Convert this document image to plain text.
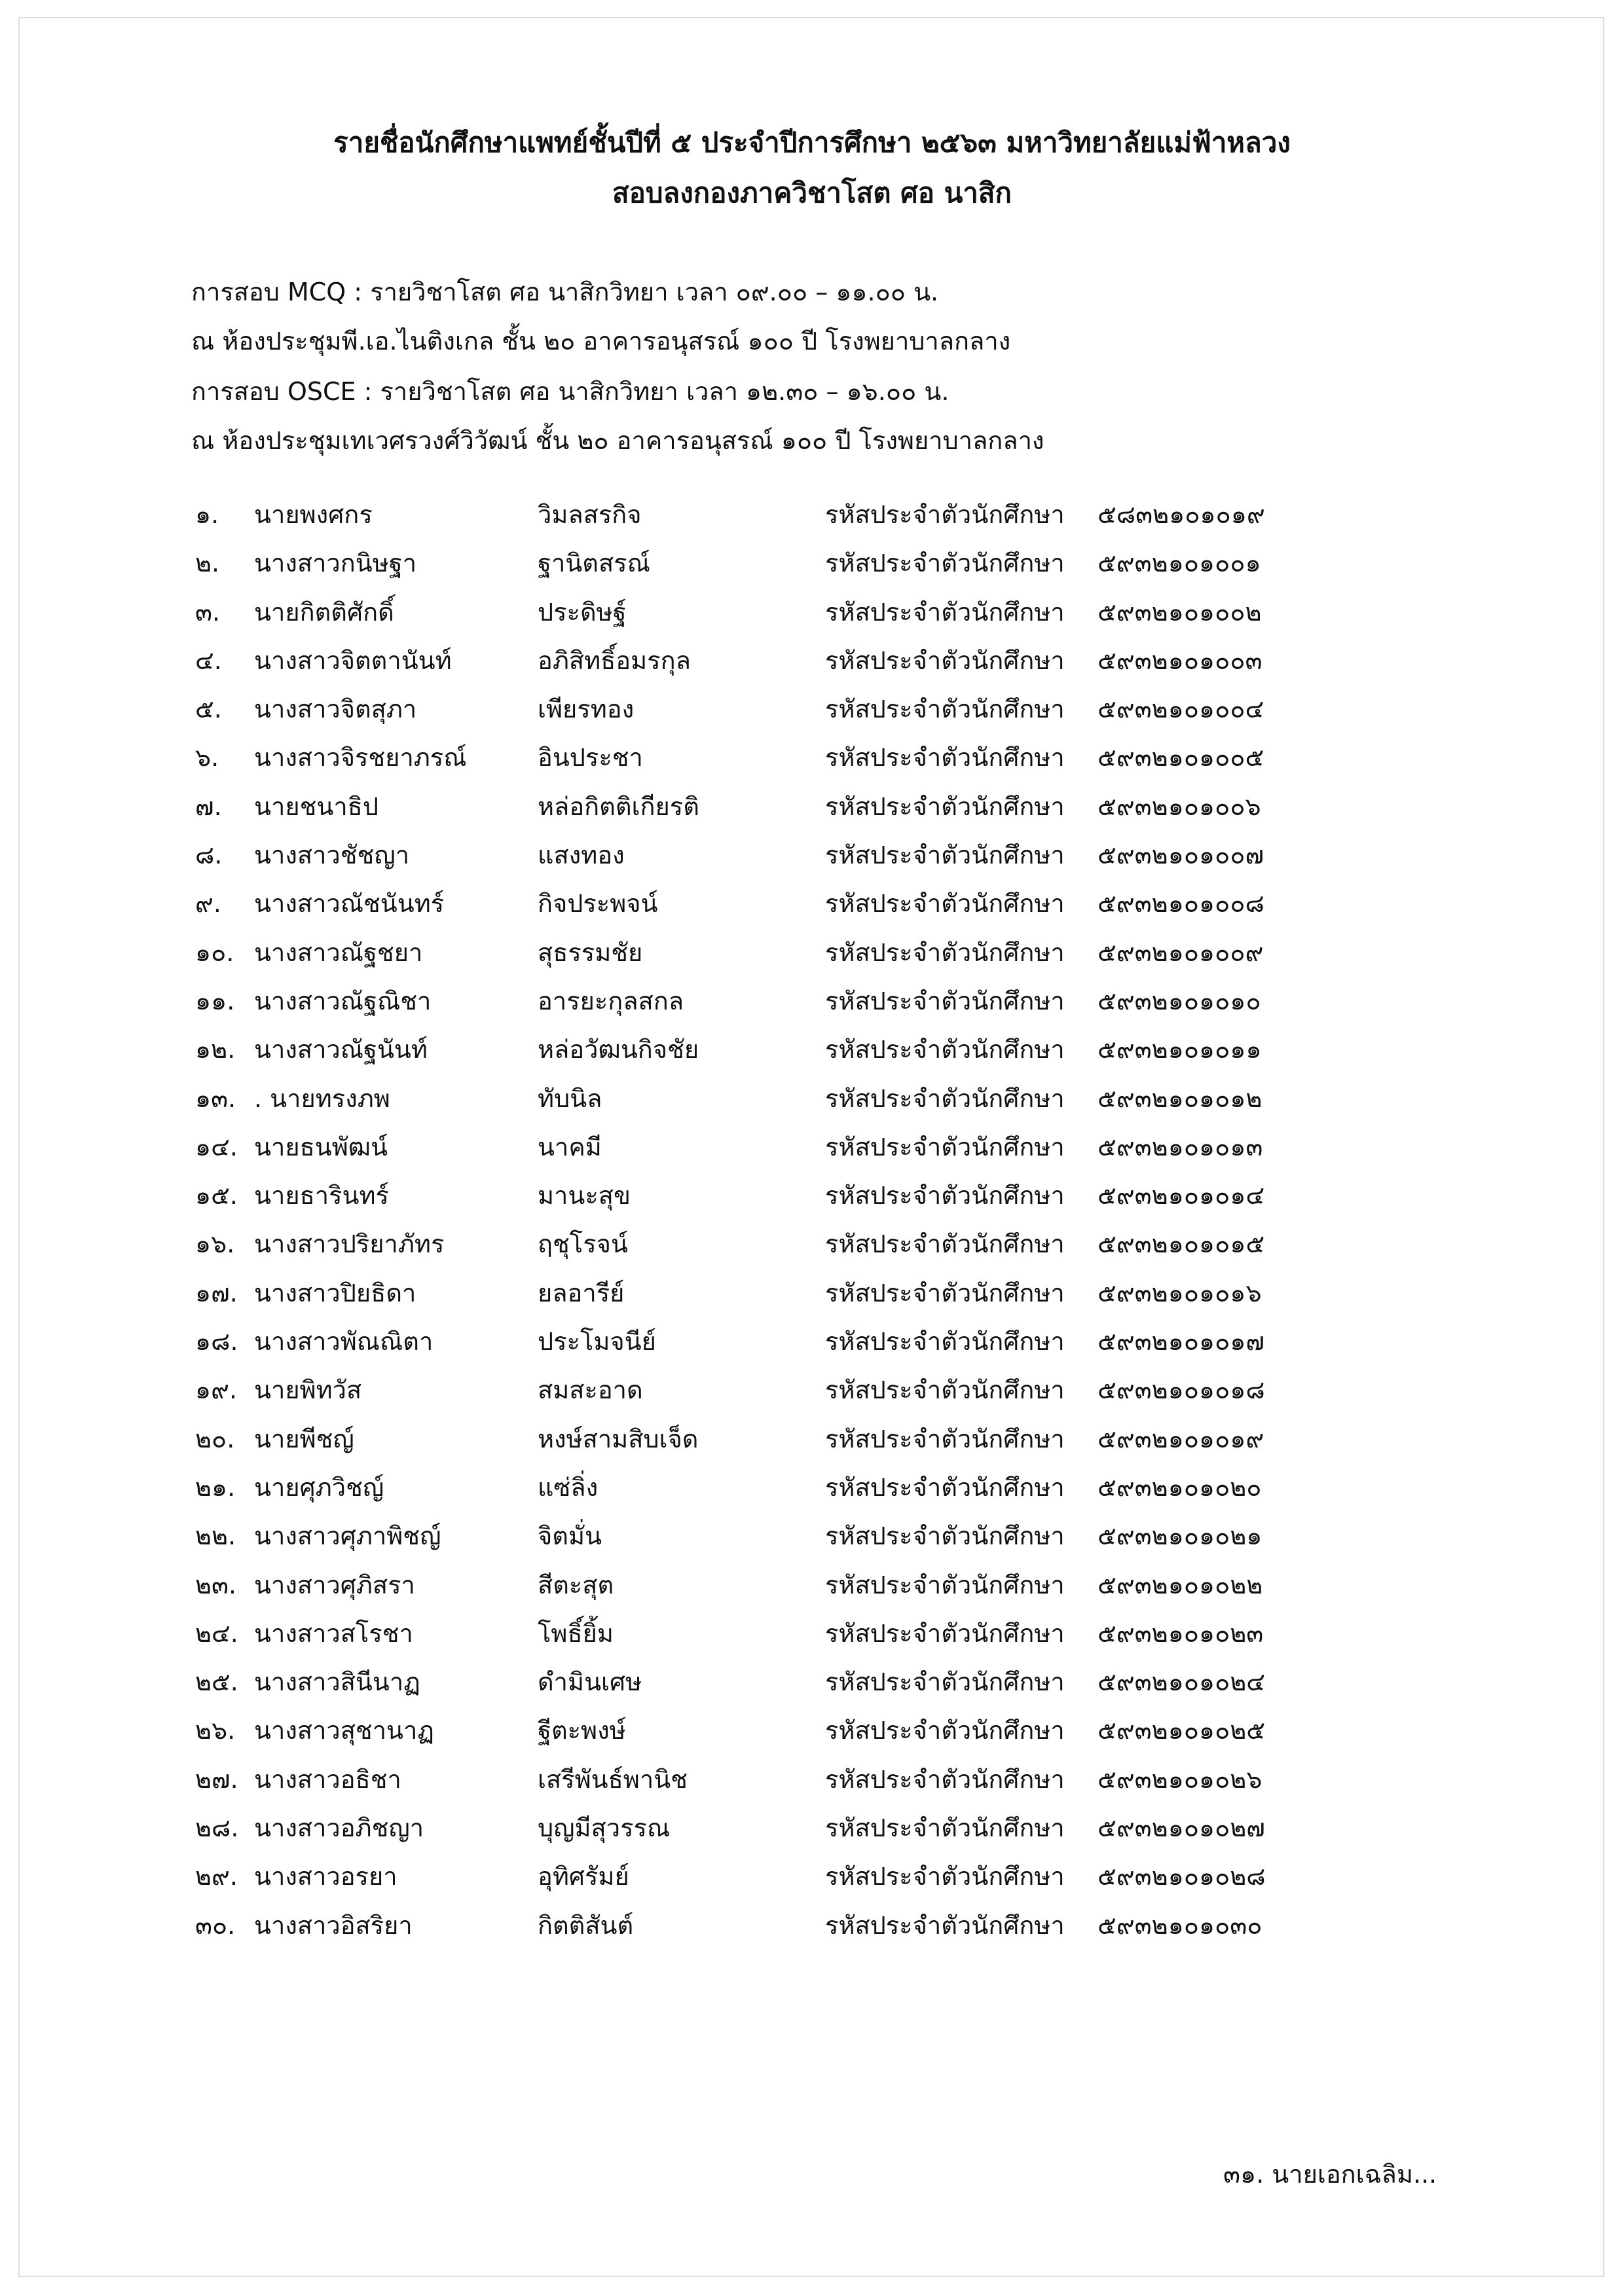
รายชื่อนักศึกษาแพทย์ชั้นปีที่ ๕ ประจำปีการศึกษา ๒๕๖๓ มหาวิทยาลัยแม่ฟ้าหลวง
สอบลงกองภาควิชาโสต ศอ นาสิก
การสอบ MCQ : รายวิชาโสต ศอ นาสิกวิทยา เวลา ๐๙.๐๐ – ๑๑.๐๐ น.
ณ ห้องประชุมพี.เอ.ไนติงเกล ชั้น ๒๐ อาคารอนุสรณ์ ๑๐๐ ปี โรงพยาบาลกลาง
การสอบ OSCE : รายวิชาโสต ศอ นาสิกวิทยา เวลา ๑๒.๓๐ – ๑๖.๐๐ น.
ณ ห้องประชุมเทเวศรวงศ์วิวัฒน์ ชั้น ๒๐ อาคารอนุสรณ์ ๑๐๐ ปี โรงพยาบาลกลาง
๑. นายพงศกร	วิมลสรกิจ	รหัสประจำตัวนักศึกษา ๕๘๓๒๑๐๑๐๑๙
๒. นางสาวกนิษฐา	ฐานิตสรณ์	รหัสประจำตัวนักศึกษา ๕๙๓๒๑๐๑๐๐๑
๓. นายกิตติศักดิ์	ประดิษฐ์	รหัสประจำตัวนักศึกษา ๕๙๓๒๑๐๑๐๐๒
๔. นางสาวจิตตานันท์	อภิสิทธิ์อมรกุล	รหัสประจำตัวนักศึกษา ๕๙๓๒๑๐๑๐๐๓
๕. นางสาวจิตสุภา	เพียรทอง	รหัสประจำตัวนักศึกษา ๕๙๓๒๑๐๑๐๐๔
๖. นางสาวจิรชยาภรณ์	อินประชา	รหัสประจำตัวนักศึกษา ๕๙๓๒๑๐๑๐๐๕
๗. นายชนาธิป	หล่อกิตติเกียรติ	รหัสประจำตัวนักศึกษา ๕๙๓๒๑๐๑๐๐๖
๘. นางสาวชัชญา	แสงทอง	รหัสประจำตัวนักศึกษา ๕๙๓๒๑๐๑๐๐๗
๙. นางสาวณัชนันทร์	กิจประพจน์	รหัสประจำตัวนักศึกษา ๕๙๓๒๑๐๑๐๐๘
๑๐. นางสาวณัฐชยา	สุธรรมชัย	รหัสประจำตัวนักศึกษา ๕๙๓๒๑๐๑๐๐๙
๑๑. นางสาวณัฐณิชา	อารยะกุลสกล	รหัสประจำตัวนักศึกษา ๕๙๓๒๑๐๑๐๑๐
๑๒. นางสาวณัฐนันท์	หล่อวัฒนกิจชัย	รหัสประจำตัวนักศึกษา ๕๙๓๒๑๐๑๐๑๑
๑๓. . นายทรงภพ	ทับนิล	รหัสประจำตัวนักศึกษา ๕๙๓๒๑๐๑๐๑๒
๑๔. นายธนพัฒน์	นาคมี	รหัสประจำตัวนักศึกษา ๕๙๓๒๑๐๑๐๑๓
๑๕. นายธารินทร์	มานะสุข	รหัสประจำตัวนักศึกษา ๕๙๓๒๑๐๑๐๑๔
๑๖. นางสาวปริยาภัทร	ฤชุโรจน์	รหัสประจำตัวนักศึกษา ๕๙๓๒๑๐๑๐๑๕
๑๗. นางสาวปิยธิดา	ยลอารีย์	รหัสประจำตัวนักศึกษา ๕๙๓๒๑๐๑๐๑๖
๑๘. นางสาวพัณณิตา	ประโมจนีย์	รหัสประจำตัวนักศึกษา ๕๙๓๒๑๐๑๐๑๗
๑๙. นายพิทวัส	สมสะอาด	รหัสประจำตัวนักศึกษา ๕๙๓๒๑๐๑๐๑๘
๒๐. นายพีชญ์	หงษ์สามสิบเจ็ด	รหัสประจำตัวนักศึกษา ๕๙๓๒๑๐๑๐๑๙
๒๑. นายศุภวิชญ์	แซ่ลิ่ง	รหัสประจำตัวนักศึกษา ๕๙๓๒๑๐๑๐๒๐
๒๒. นางสาวศุภาพิชญ์	จิตมั่น	รหัสประจำตัวนักศึกษา ๕๙๓๒๑๐๑๐๒๑
๒๓. นางสาวศุภิสรา	สีตะสุต	รหัสประจำตัวนักศึกษา ๕๙๓๒๑๐๑๐๒๒
๒๔. นางสาวสโรชา	โพธิ์ยิ้ม	รหัสประจำตัวนักศึกษา ๕๙๓๒๑๐๑๐๒๓
๒๕. นางสาวสินีนาฏ	ดำมินเศษ	รหัสประจำตัวนักศึกษา ๕๙๓๒๑๐๑๐๒๔
๒๖. นางสาวสุชานาฏ	ฐีตะพงษ์	รหัสประจำตัวนักศึกษา ๕๙๓๒๑๐๑๐๒๕
๒๗. นางสาวอธิชา	เสรีพันธ์พานิช	รหัสประจำตัวนักศึกษา ๕๙๓๒๑๐๑๐๒๖
๒๘. นางสาวอภิชญา	บุญมีสุวรรณ	รหัสประจำตัวนักศึกษา ๕๙๓๒๑๐๑๐๒๗
๒๙. นางสาวอรยา	อุทิศรัมย์	รหัสประจำตัวนักศึกษา ๕๙๓๒๑๐๑๐๒๘
๓๐. นางสาวอิสริยา	กิตติสันต์	รหัสประจำตัวนักศึกษา ๕๙๓๒๑๐๑๐๓๐
๓๑. นายเอกเฉลิม...
